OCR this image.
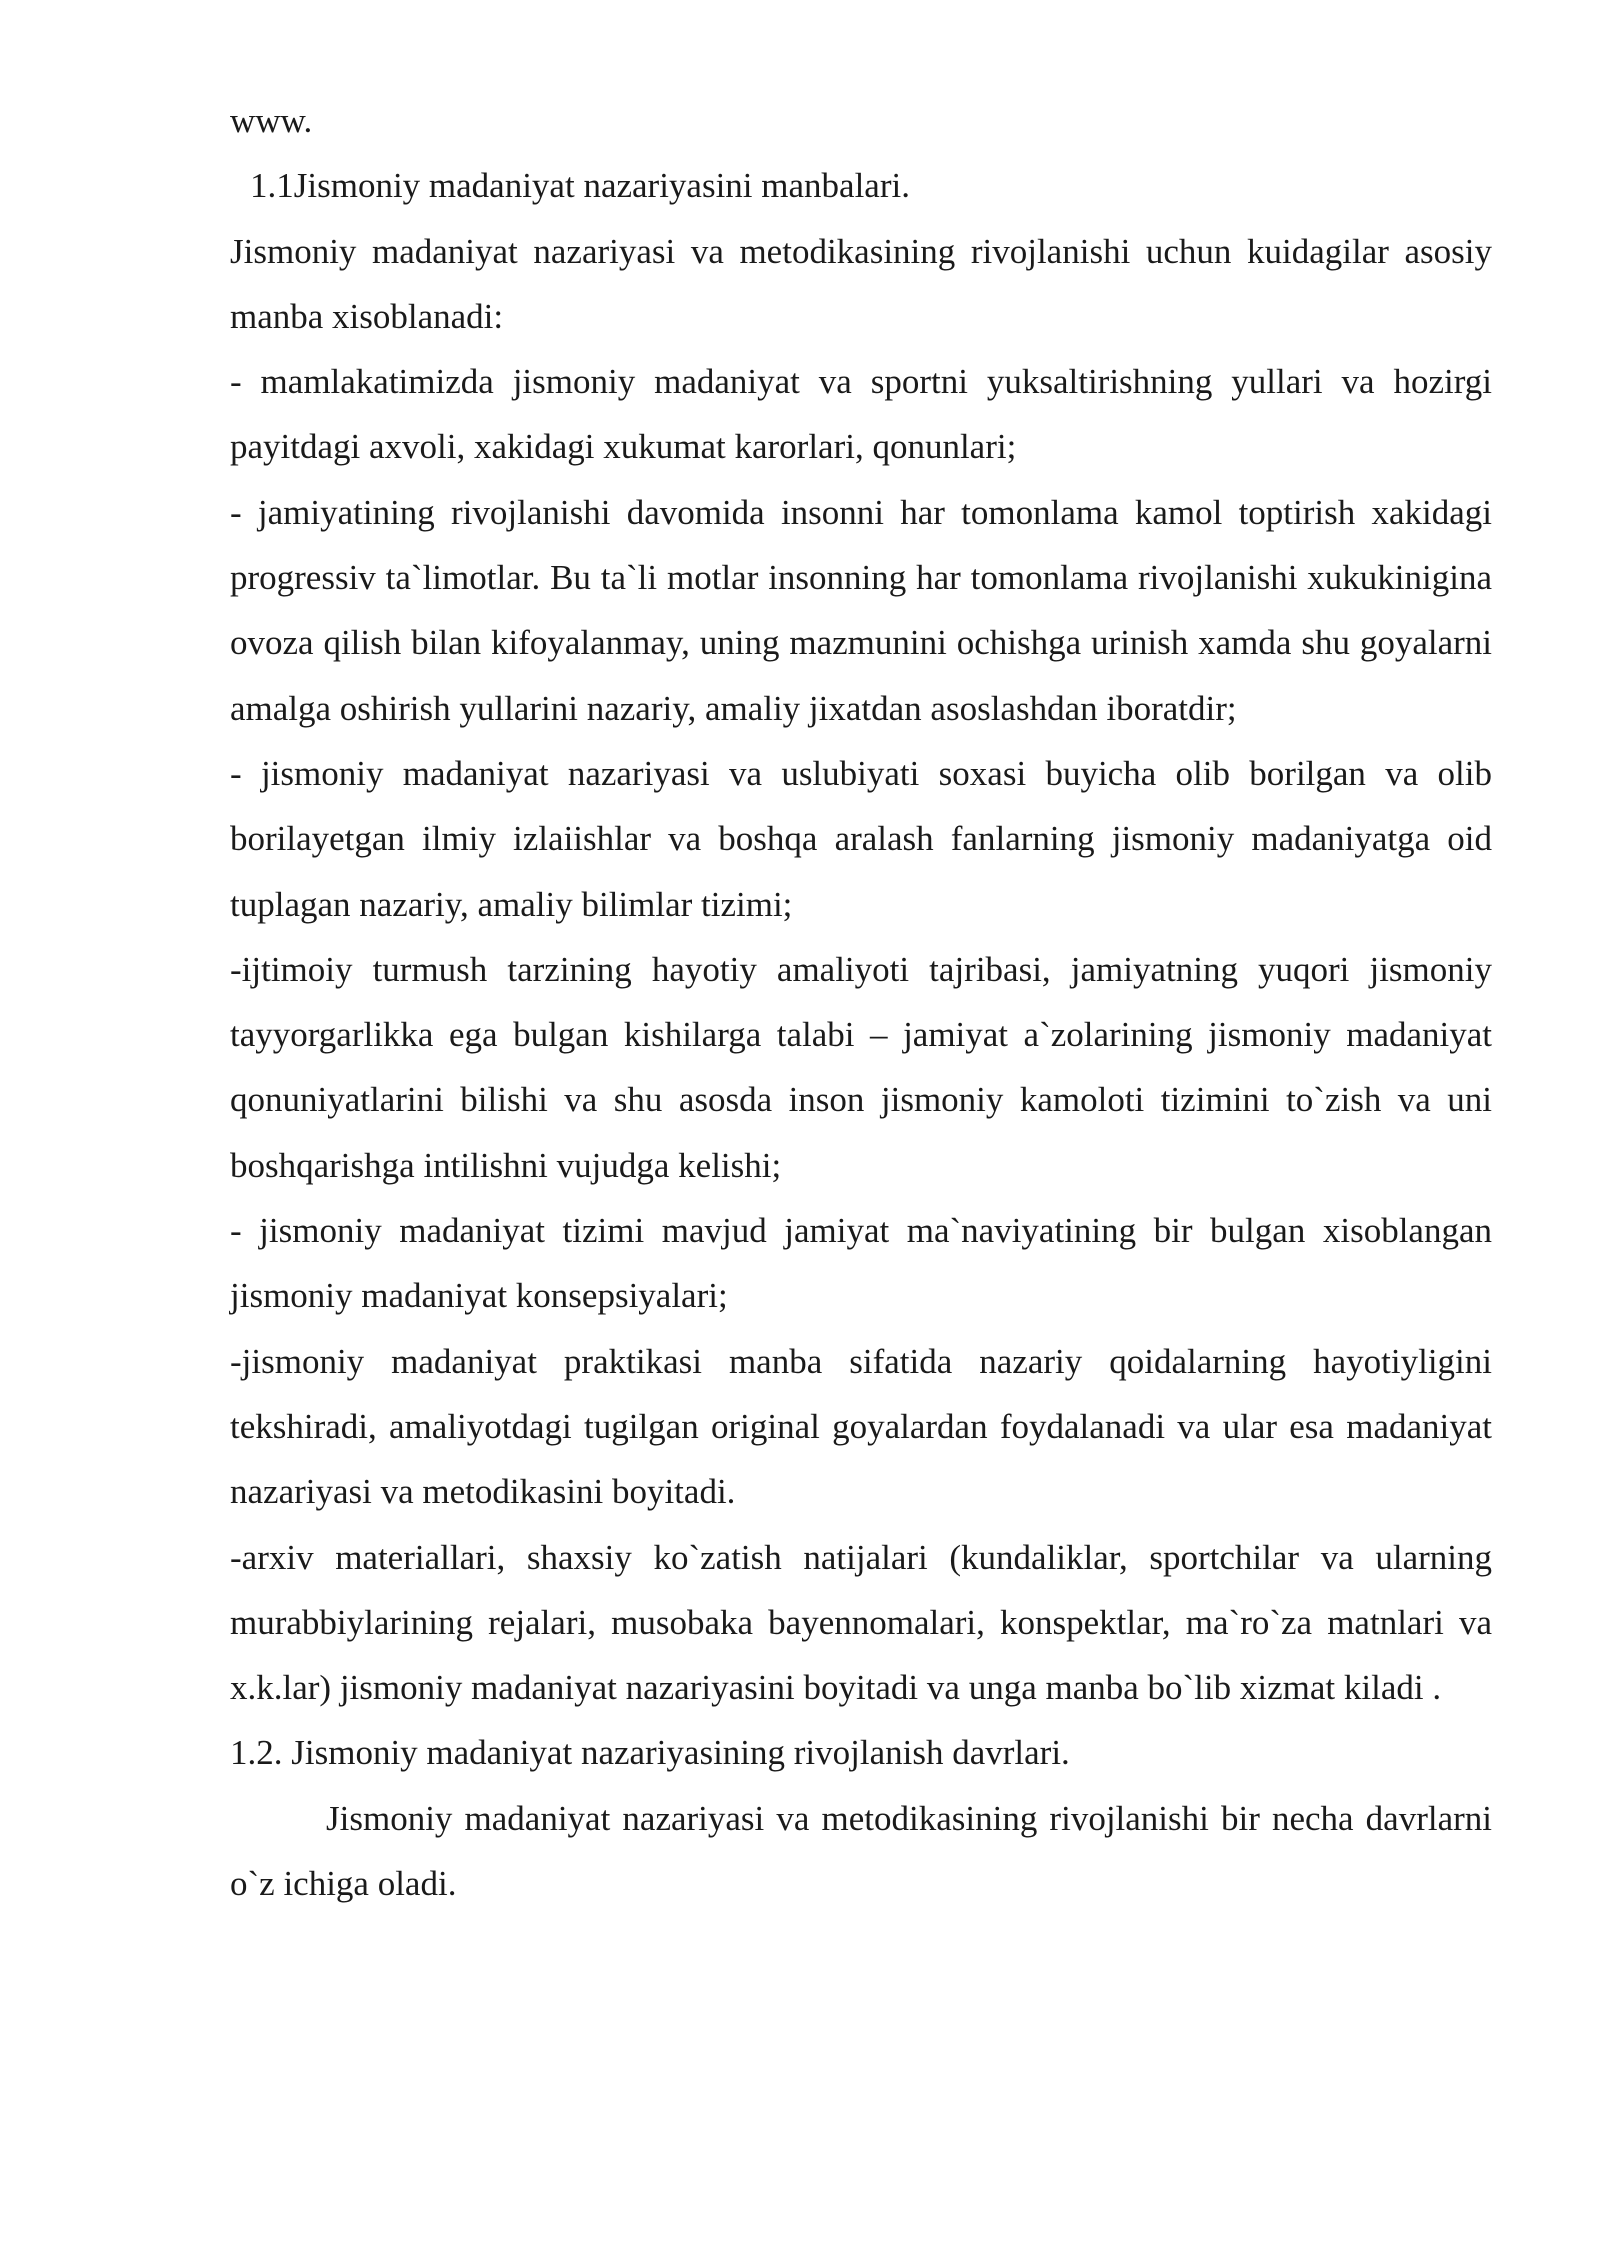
www.
1.1Jismoniy madaniyat nazariyasini manbalari.

Jismoniy madaniyat nazariyasi va metodikasining rivojlanishi uchun kuidagilar asosiy manba xisoblanadi:

- mamlakatimizda jismoniy madaniyat va sportni yuksaltirishning yullari va hozirgi payitdagi axvoli, xakidagi xukumat karorlari, qonunlari;

- jamiyatining rivojlanishi davomida insonni har tomonlama kamol toptirish xakidagi progressiv ta`limotlar. Bu ta`li motlar insonning har tomonlama rivojlanishi xukukinigina ovoza qilish bilan kifoyalanmay, uning mazmunini ochishga urinish xamda shu goyalarni amalga oshirish yullarini nazariy, amaliy jixatdan asoslashdan iboratdir;

- jismoniy madaniyat nazariyasi va uslubiyati soxasi buyicha olib borilgan va olib borilayetgan ilmiy izlaiishlar va boshqa aralash fanlarning jismoniy madaniyatga oid tuplagan nazariy, amaliy bilimlar tizimi;

-ijtimoiy turmush tarzining hayotiy amaliyoti tajribasi, jamiyatning yuqori jismoniy tayyorgarlikka ega bulgan kishilarga talabi – jamiyat a`zolarining jismoniy madaniyat qonuniyatlarini bilishi va shu asosda inson jismoniy kamoloti tizimini to`zish va uni boshqarishga intilishni vujudga kelishi;

- jismoniy madaniyat tizimi mavjud jamiyat ma`naviyatining bir bulgan xisoblangan jismoniy madaniyat konsepsiyalari;

-jismoniy madaniyat praktikasi manba sifatida nazariy qoidalarning hayotiyligini tekshiradi, amaliyotdagi tugilgan original goyalardan foydalanadi va ular esa madaniyat nazariyasi va metodikasini boyitadi.

-arxiv materiallari, shaxsiy ko`zatish natijalari (kundaliklar, sportchilar va ularning murabbiylarining rejalari, musobaka bayennomalari, konspektlar, ma`ro`za matnlari va x.k.lar) jismoniy madaniyat nazariyasini boyitadi va unga manba bo`lib xizmat kiladi .

1.2. Jismoniy madaniyat nazariyasining rivojlanish davrlari.

Jismoniy madaniyat nazariyasi va metodikasining rivojlanishi bir necha davrlarni o`z ichiga oladi.
